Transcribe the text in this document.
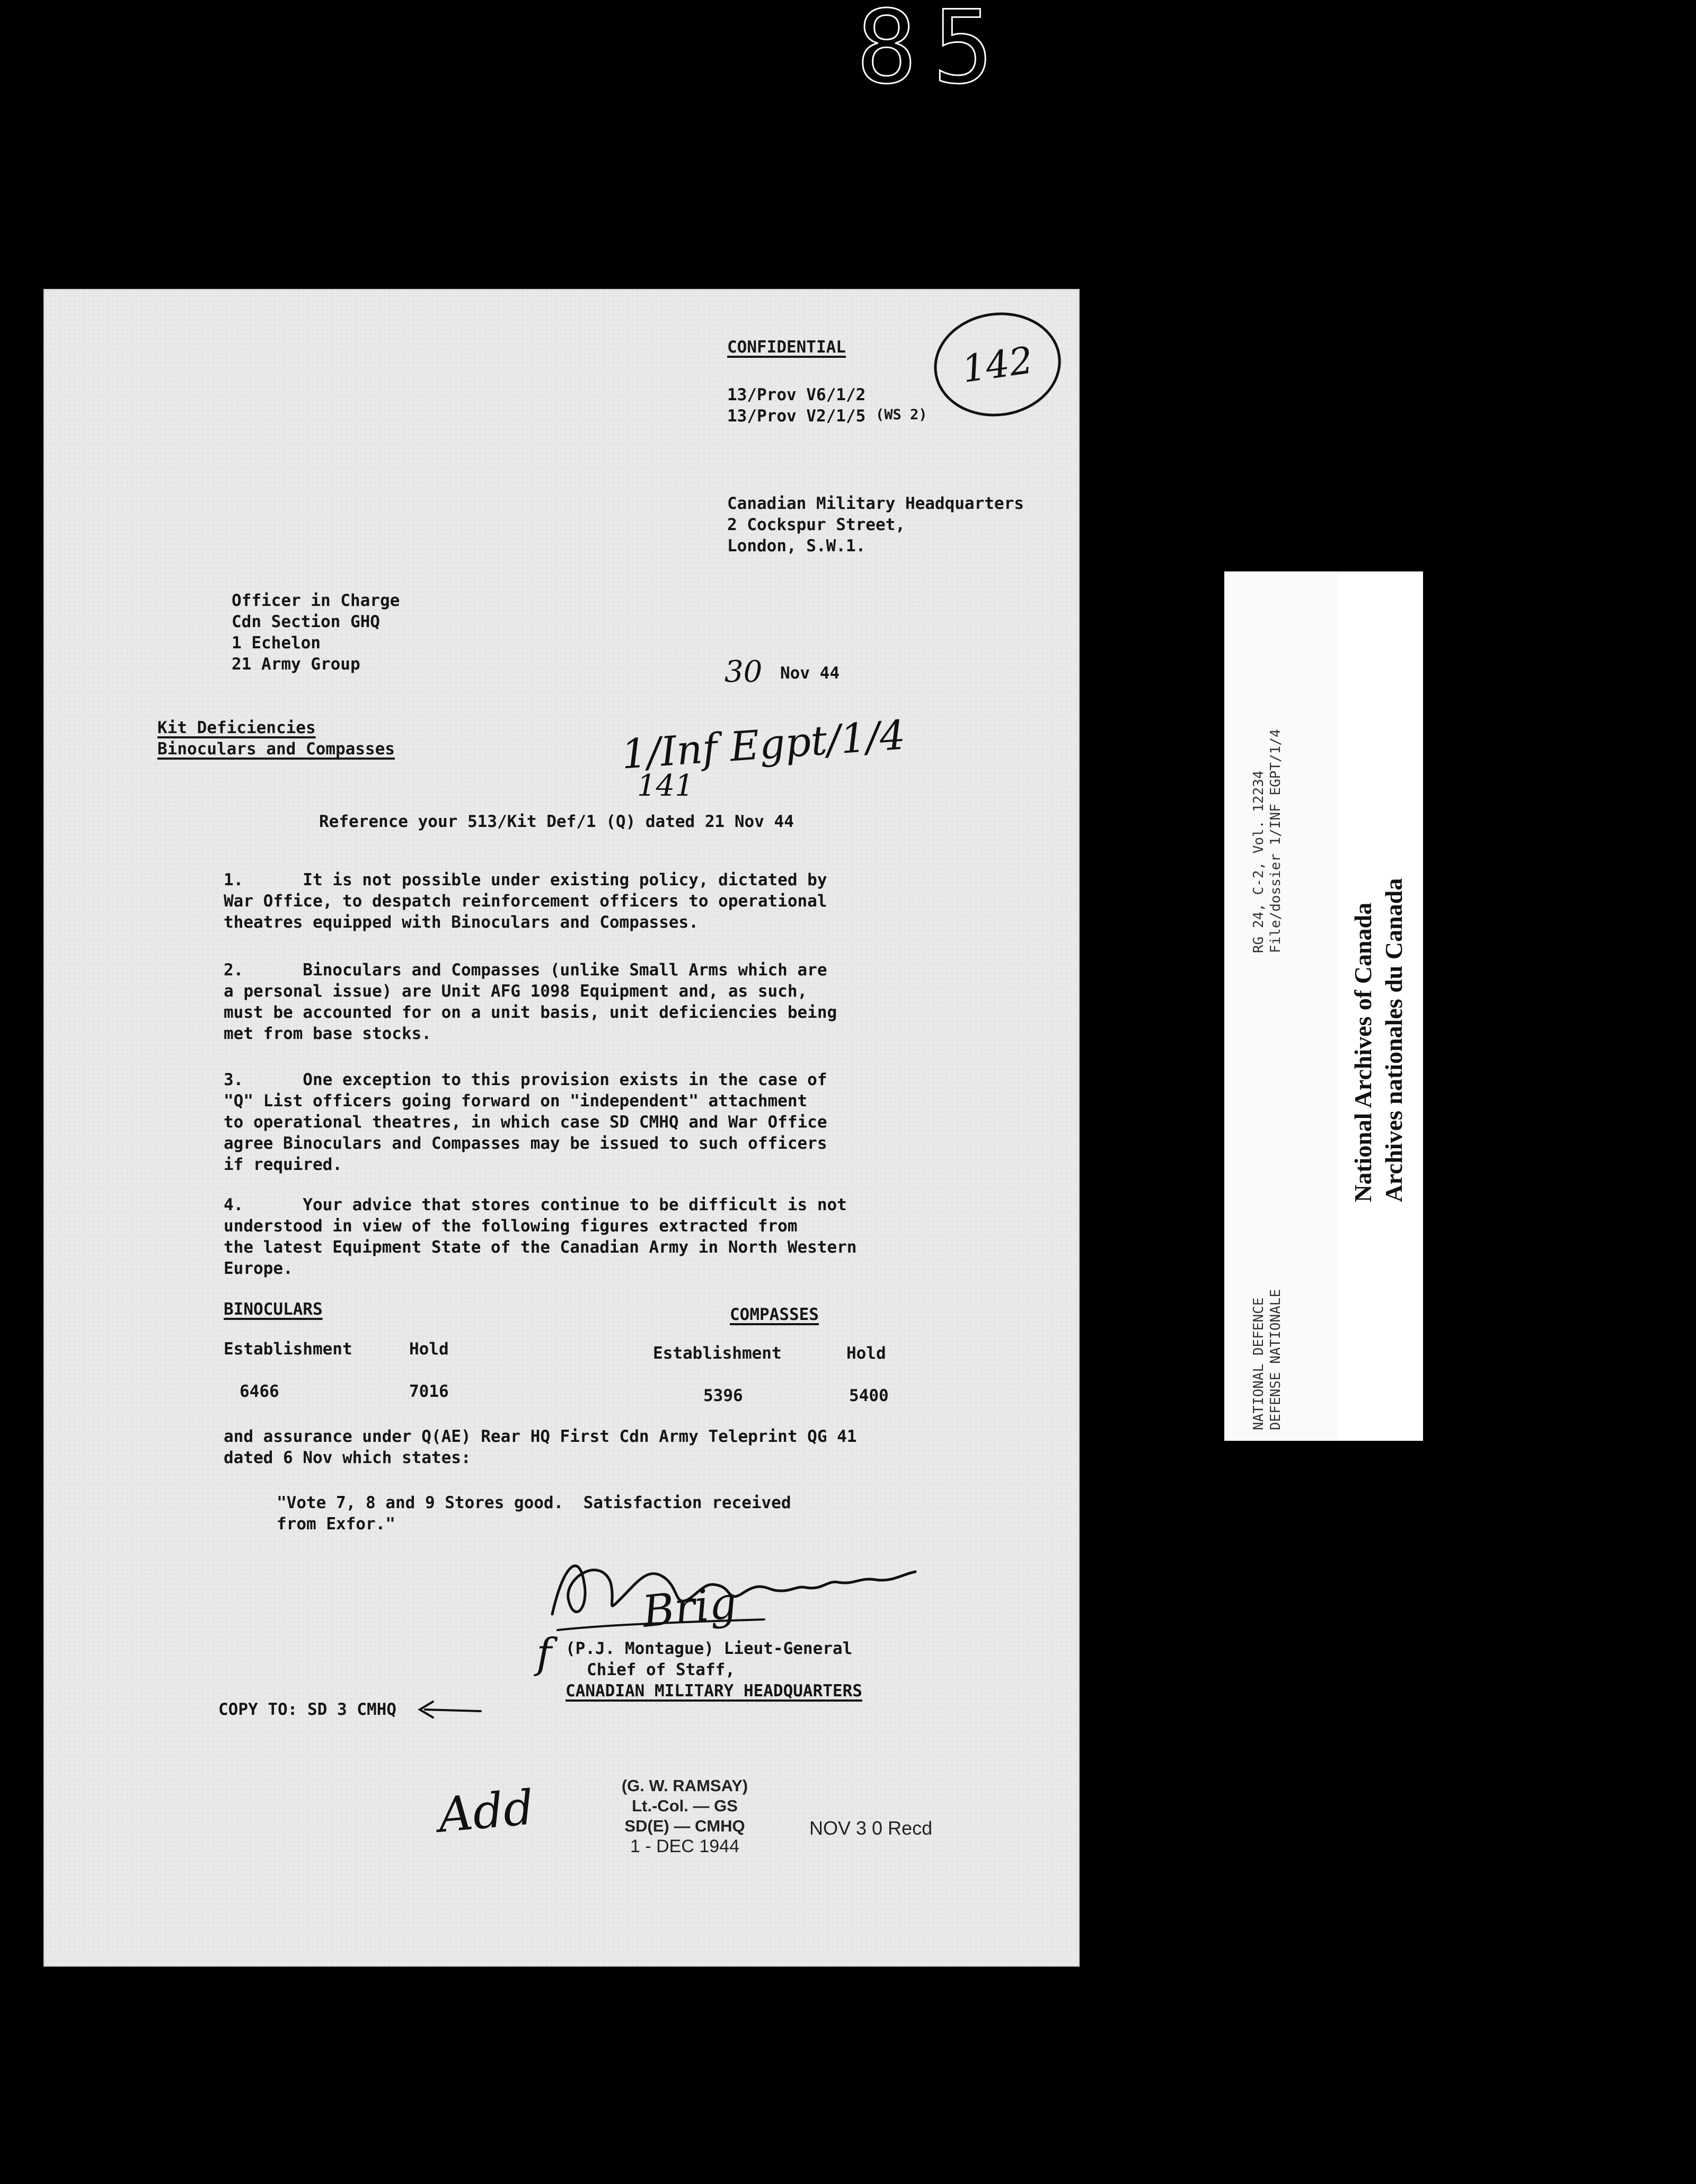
85
CONFIDENTIAL	142
13/Prov V6/1/2
13/Prov V2/1/5 (WS 2)
Canadian Military Headquarters
2 Cockspur Street,
London, S.W.1.
Officer in Charge
Cdn Section GHQ
1 Echelon
21 Army Group	30 Nov 44
Kit Deficiencies
Binoculars and Compasses	1/Inf Egpt/1/4
141
Reference your 513/Kit Def/1 (Q) dated 21 Nov 44
1.      It is not possible under existing policy, dictated by
War Office, to despatch reinforcement officers to operational
theatres equipped with Binoculars and Compasses.
2.      Binoculars and Compasses (unlike Small Arms which are
a personal issue) are Unit AFG 1098 Equipment and, as such,
must be accounted for on a unit basis, unit deficiencies being
met from base stocks.
3.      One exception to this provision exists in the case of
"Q" List officers going forward on "independent" attachment
to operational theatres, in which case SD CMHQ and War Office
agree Binoculars and Compasses may be issued to such officers
if required.
4.      Your advice that stores continue to be difficult is not
understood in view of the following figures extracted from
the latest Equipment State of the Canadian Army in North Western
Europe.
BINOCULARS	COMPASSES
Establishment	Hold	Establishment	Hold
6466	7016	5396	5400
and assurance under Q(AE) Rear HQ First Cdn Army Teleprint QG 41
dated 6 Nov which states:
"Vote 7, 8 and 9 Stores good.  Satisfaction received
from Exfor."
Brig
f (P.J. Montague) Lieut-General
Chief of Staff,
CANADIAN MILITARY HEADQUARTERS
COPY TO: SD 3 CMHQ
Add	(G. W. RAMSAY)
Lt.-Col. — GS
SD(E) — CMHQ
1 - DEC 1944
NOV 3 0 Recd
RG 24, C-2, Vol. 12234 File/dossier 1/INF EGPT/1/4
NATIONAL DEFENCE DEFENSE NATIONALE
National Archives of Canada Archives nationales du Canada
